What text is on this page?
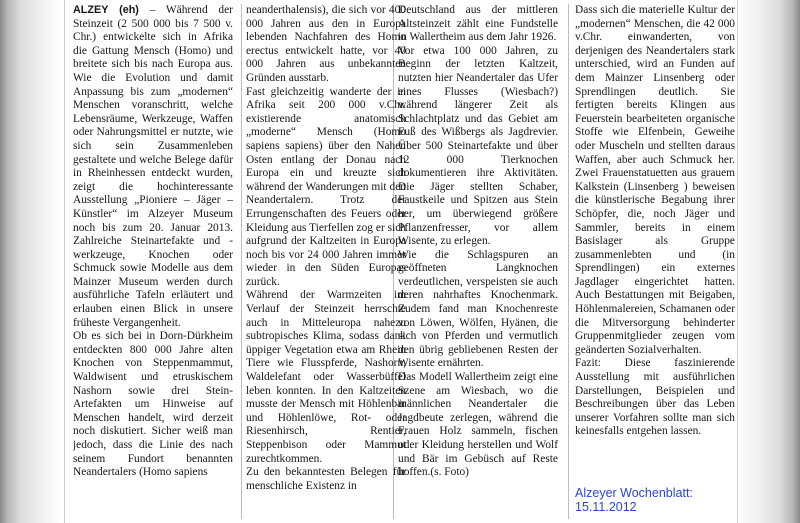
ALZEY (eh) – Während der Steinzeit (2 500 000 bis 7 500 v. Chr.) entwickelte sich in Afrika die Gattung Mensch (Homo) und breitete sich bis nach Europa aus. Wie die Evolution und damit Anpassung bis zum „modernen“ Menschen voranschritt, welche Lebensräume, Werkzeuge, Waffen oder Nahrungsmittel er nutzte, wie sich sein Zusammenleben gestaltete und welche Belege dafür in Rheinhessen entdeckt wurden, zeigt die hochinteressante Ausstellung „Pioniere – Jäger – Künstler“ im Alzeyer Museum noch bis zum 20. Januar 2013. Zahlreiche Steinartefakte und -werkzeuge, Knochen oder Schmuck sowie Modelle aus dem Mainzer Museum werden durch ausführliche Tafeln erläutert und erlauben einen Blick in unsere früheste Vergangenheit.
Ob es sich bei in Dorn-Dürkheim entdeckten 800 000 Jahre alten Knochen von Steppenmammut, Waldwisent und etruskischem Nashorn sowie drei Stein-Artefakten um Hinweise auf Menschen handelt, wird derzeit noch diskutiert. Sicher weiß man jedoch, dass die Linie des nach seinem Fundort benannten Neandertalers (Homo sapiens

neanderthalensis), die sich vor 400 000 Jahren aus den in Europa lebenden Nachfahren des Homo erectus entwickelt hatte, vor 40 000 Jahren aus unbekannten Gründen ausstarb.
Fast gleichzeitig wanderte der in Afrika seit 200 000 v.Chr. existierende anatomisch „moderne“ Mensch (Homo sapiens sapiens) über den Nahen Osten entlang der Donau nach Europa ein und kreuzte sich während der Wanderungen mit den Neandertalern. Trotz der Errungenschaften des Feuers oder Kleidung aus Tierfellen zog er sich aufgrund der Kaltzeiten in Europa noch bis vor 24 000 Jahren immer wieder in den Süden Europas zurück.
Während der Warmzeiten im Verlauf der Steinzeit herrschte auch in Mitteleuropa nahezu subtropisches Klima, sodass dank üppiger Vegetation etwa am Rhein Tiere wie Flusspferde, Nashorn, Waldelefant oder Wasserbüffel leben konnten. In den Kaltzeiten musste der Mensch mit Höhlenbär und Höhlenlöwe, Rot- oder Riesenhirsch, Rentier, Steppenbison oder Mammut zurechtkommen.
Zu den bekanntesten Belegen für menschliche Existenz in

Deutschland aus der mittleren Altsteinzeit zählt eine Fundstelle in Wallertheim aus dem Jahr 1926.
Vor etwa 100 000 Jahren, zu Beginn der letzten Kaltzeit, nutzten hier Neandertaler das Ufer eines Flusses (Wiesbach?) während längerer Zeit als Schlachtplatz und das Gebiet am Fuß des Wißbergs als Jagdrevier. Über 500 Steinartefakte und über 12 000 Tierknochen dokumentieren ihre Aktivitäten. Die Jäger stellten Schaber, Faustkeile und Spitzen aus Stein her, um überwiegend größere Pflanzenfresser, vor allem Wisente, zu erlegen.
Wie die Schlagspuren an geöffneten Langknochen verdeutlichen, verspeisten sie auch deren nahrhaftes Knochenmark. Zudem fand man Knochenreste von Löwen, Wölfen, Hyänen, die sich von Pferden und vermutlich den übrig gebliebenen Resten der Wisente ernährten.
Das Modell Wallertheim zeigt eine Szene am Wiesbach, wo die männlichen Neandertaler die Jagdbeute zerlegen, während die Frauen Holz sammeln, fischen oder Kleidung herstellen und Wolf und Bär im Gebüsch auf Reste hoffen.(s. Foto)

Dass sich die materielle Kultur der „modernen“ Menschen, die 42 000 v.Chr. einwanderten, von derjenigen des Neandertalers stark unterschied, wird an Funden auf dem Mainzer Linsenberg oder Sprendlingen deutlich. Sie fertigten bereits Klingen aus Feuerstein bearbeiteten organische Stoffe wie Elfenbein, Geweihe oder Muscheln und stellten daraus Waffen, aber auch Schmuck her. Zwei Frauenstatuetten aus grauem Kalkstein (Linsenberg ) beweisen die künstlerische Begabung ihrer Schöpfer, die, noch Jäger und Sammler, bereits in einem Basislager als Gruppe zusammenlebten und (in Sprendlingen) ein externes Jagdlager eingerichtet hatten. Auch Bestattungen mit Beigaben, Höhlenmalereien, Schamanen oder die Mitversorgung behinderter Gruppenmitglieder zeugen vom geänderten Sozialverhalten.
Fazit: Diese faszinierende Ausstellung mit ausführlichen Darstellungen, Beispielen und Beschreibungen über das Leben unserer Vorfahren sollte man sich keinesfalls entgehen lassen.

Alzeyer Wochenblatt:
15.11.2012
